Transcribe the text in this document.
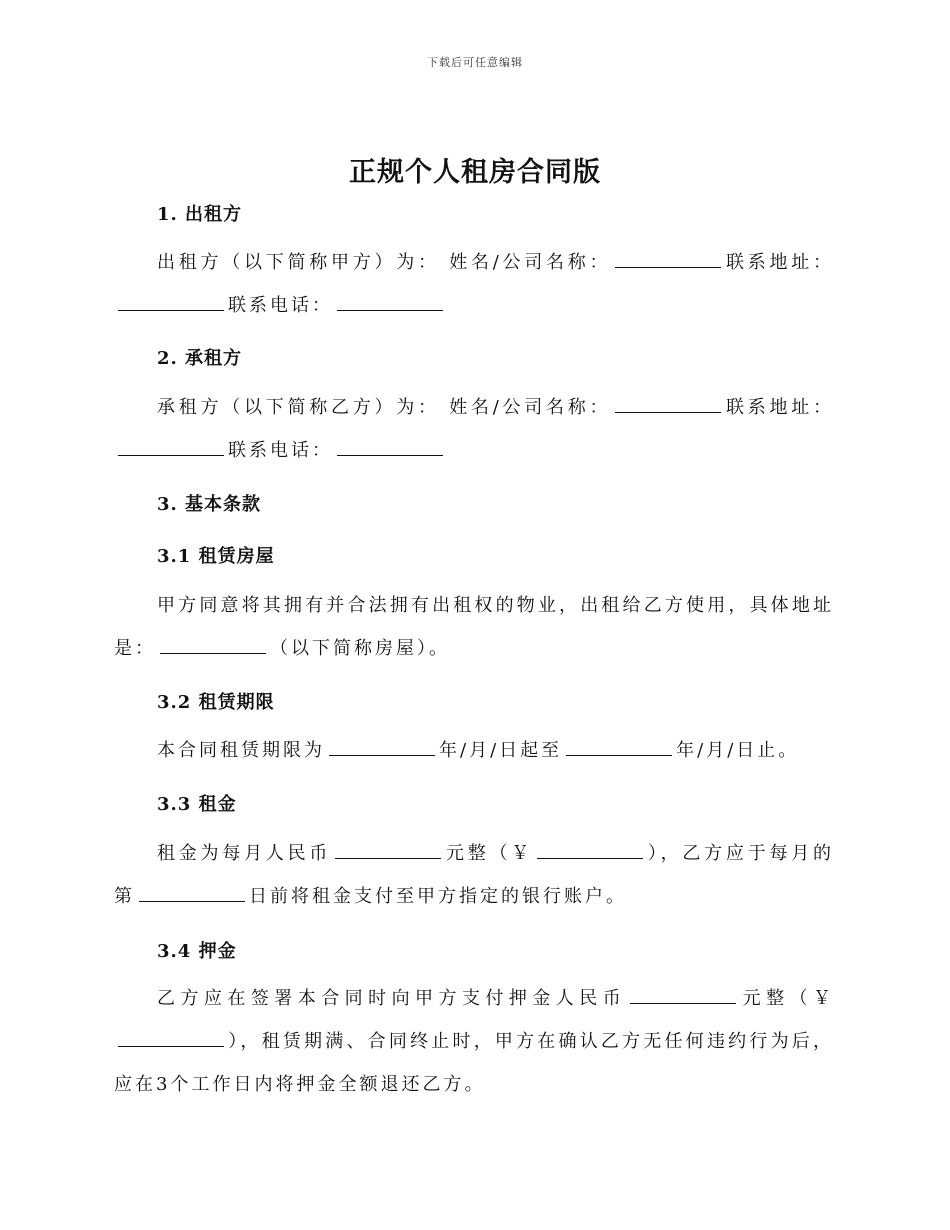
下载后可任意编辑
正规个人租房合同版
1. 出租方

出租方（以下简称甲方）为： 姓名/公司名称：	联系地址：联系电话：

2. 承租方

承租方（以下简称乙方）为： 姓名/公司名称：	联系地址：联系电话：

3. 基本条款
3.1 租赁房屋

甲方同意将其拥有并合法拥有出租权的物业，出租给乙方使用，具体地址是：	（以下简称房屋）。

3.2 租赁期限

本合同租赁期限为	年/月/日起至	年/月/日止。

3.3 租金

租金为每月人民币	元整（￥	），乙方应于每月的第	日前将租金支付至甲方指定的银行账户。

3.4 押金

乙方应在签署本合同时向甲方支付押金人民币	元整（￥），租赁期满、合同终止时，甲方在确认乙方无任何违约行为后，应在3个工作日内将押金全额退还乙方。
